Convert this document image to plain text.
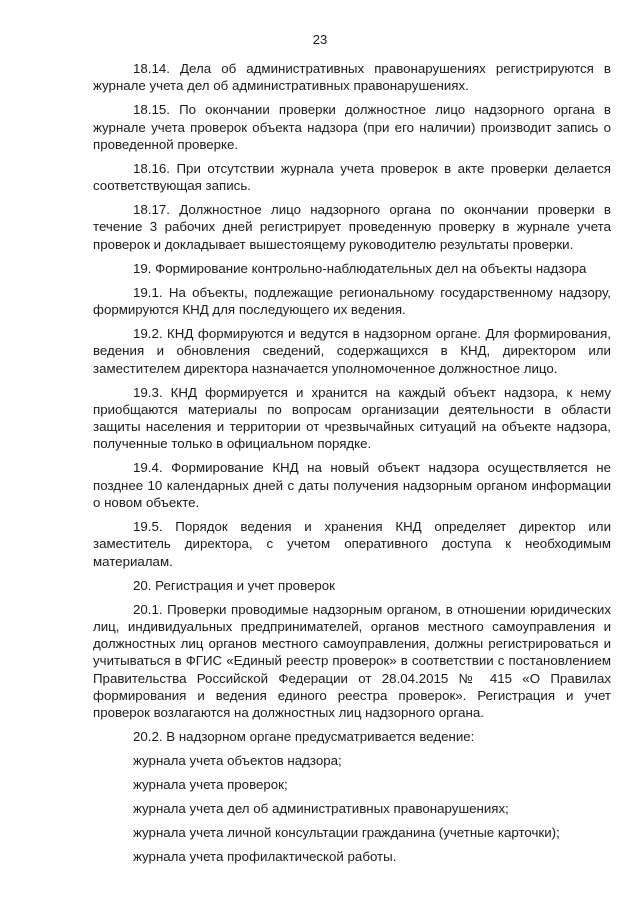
23

18.14. Дела об административных правонарушениях регистрируются в журнале учета дел об административных правонарушениях.

18.15. По окончании проверки должностное лицо надзорного органа в журнале учета проверок объекта надзора (при его наличии) производит запись о проведенной проверке.

18.16. При отсутствии журнала учета проверок в акте проверки делается соответствующая запись.

18.17. Должностное лицо надзорного органа по окончании проверки в течение 3 рабочих дней регистрирует проведенную проверку в журнале учета проверок и докладывает вышестоящему руководителю результаты проверки.

19. Формирование контрольно-наблюдательных дел на объекты надзора

19.1. На объекты, подлежащие региональному государственному надзору, формируются КНД для последующего их ведения.

19.2. КНД формируются и ведутся в надзорном органе. Для формирования, ведения и обновления сведений, содержащихся в КНД, директором или заместителем директора назначается уполномоченное должностное лицо.

19.3. КНД формируется и хранится на каждый объект надзора, к нему приобщаются материалы по вопросам организации деятельности в области защиты населения и территории от чрезвычайных ситуаций на объекте надзора, полученные только в официальном порядке.

19.4. Формирование КНД на новый объект надзора осуществляется не позднее 10 календарных дней с даты получения надзорным органом информации о новом объекте.

19.5. Порядок ведения и хранения КНД определяет директор или заместитель директора, с учетом оперативного доступа к необходимым материалам.

20. Регистрация и учет проверок

20.1. Проверки проводимые надзорным органом, в отношении юридических лиц, индивидуальных предпринимателей, органов местного самоуправления и должностных лиц органов местного самоуправления, должны регистрироваться и учитываться в ФГИС «Единый реестр проверок» в соответствии с постановлением Правительства Российской Федерации от 28.04.2015 № 415 «О Правилах формирования и ведения единого реестра проверок». Регистрация и учет проверок возлагаются на должностных лиц надзорного органа.

20.2. В надзорном органе предусматривается ведение:

журнала учета объектов надзора;

журнала учета проверок;

журнала учета дел об административных правонарушениях;

журнала учета личной консультации гражданина (учетные карточки);

журнала учета профилактической работы.
